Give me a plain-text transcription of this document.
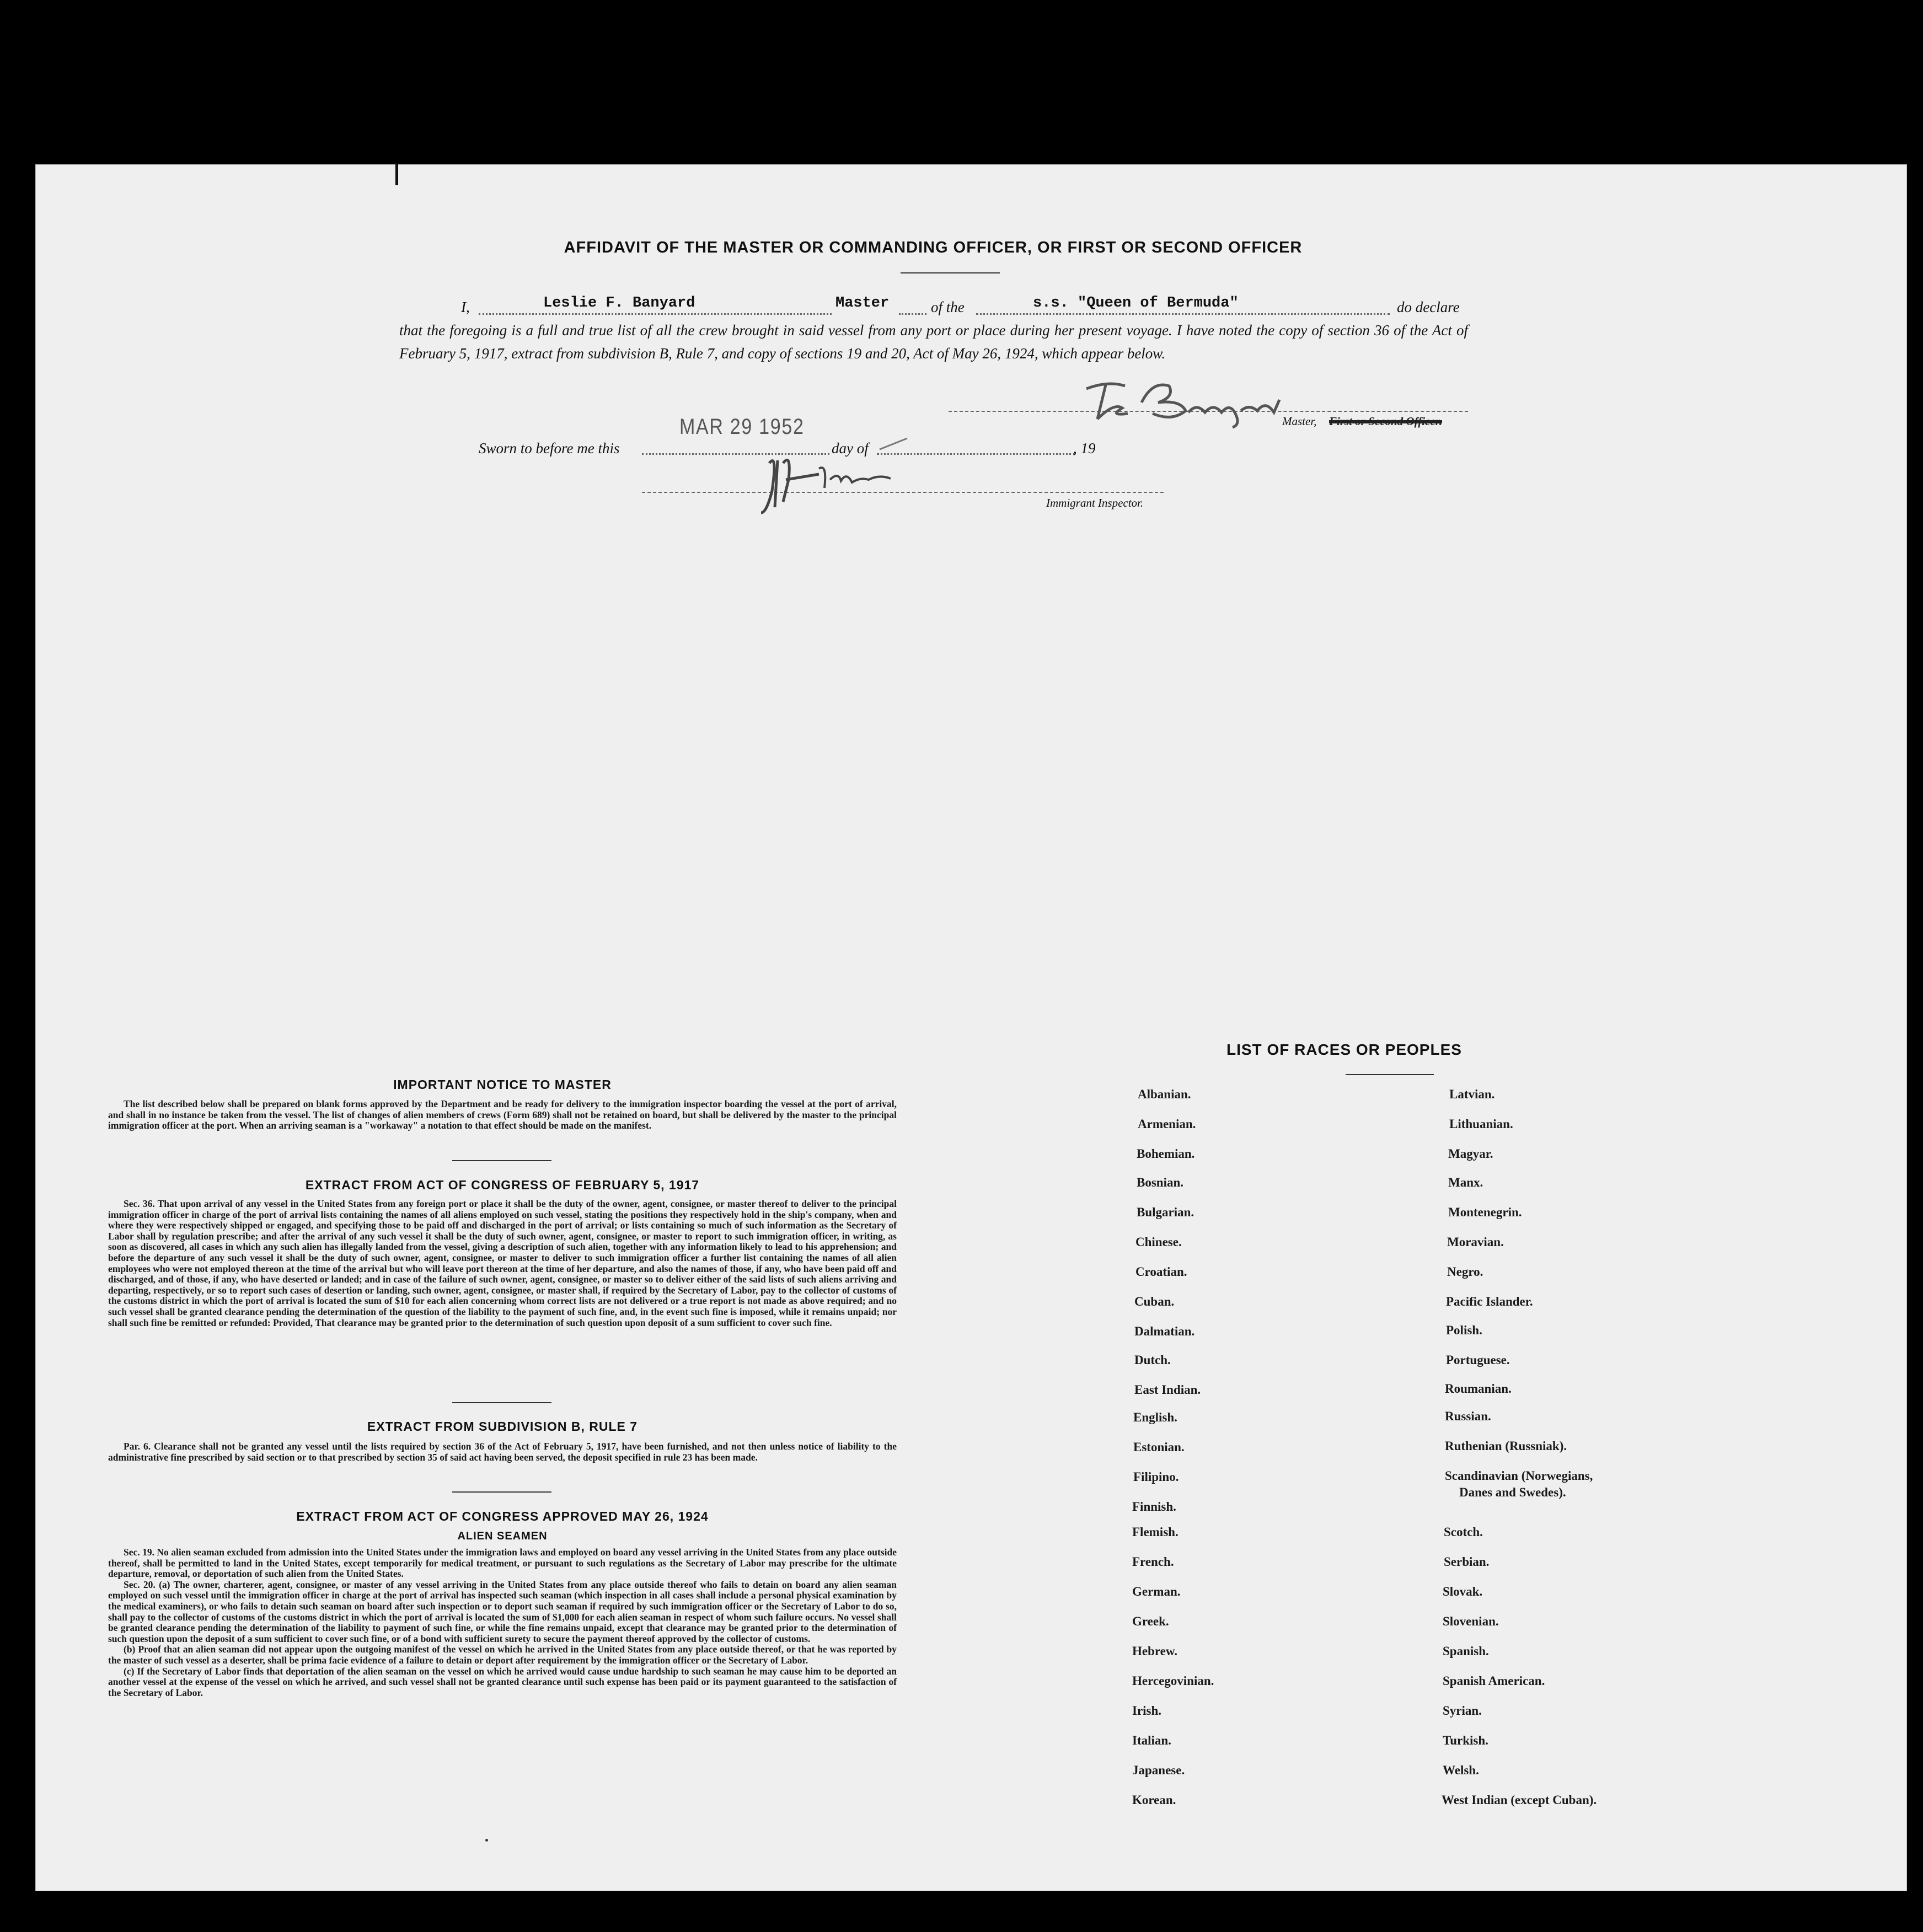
AFFIDAVIT OF THE MASTER OR COMMANDING OFFICER, OR FIRST OR SECOND OFFICER
I,	Leslie F. Banyard	Master	of the	s.s. "Queen of Bermuda"	do declare
that the foregoing is a full and true list of all the crew brought in said vessel from any port or place during her present voyage. I have noted the copy of section 36 of the Act of February 5, 1917, extract from subdivision B, Rule 7, and copy of sections 19 and 20, Act of May 26, 1924, which appear below.
Master, First or Second Officer.
Sworn to before me this
MAR 29 1952
day of	, 19
Immigrant Inspector.
IMPORTANT NOTICE TO MASTER

The list described below shall be prepared on blank forms approved by the Department and be ready for delivery to the immigration inspector boarding the vessel at the port of arrival, and shall in no instance be taken from the vessel. The list of changes of alien members of crews (Form 689) shall not be retained on board, but shall be delivered by the master to the principal immigration officer at the port. When an arriving seaman is a "workaway" a notation to that effect should be made on the manifest.

EXTRACT FROM ACT OF CONGRESS OF FEBRUARY 5, 1917

Sec. 36. That upon arrival of any vessel in the United States from any foreign port or place it shall be the duty of the owner, agent, consignee, or master thereof to deliver to the principal immigration officer in charge of the port of arrival lists containing the names of all aliens employed on such vessel, stating the positions they respectively hold in the ship's company, when and where they were respectively shipped or engaged, and specifying those to be paid off and discharged in the port of arrival; or lists containing so much of such information as the Secretary of Labor shall by regulation prescribe; and after the arrival of any such vessel it shall be the duty of such owner, agent, consignee, or master to report to such immigration officer, in writing, as soon as discovered, all cases in which any such alien has illegally landed from the vessel, giving a description of such alien, together with any information likely to lead to his apprehension; and before the departure of any such vessel it shall be the duty of such owner, agent, consignee, or master to deliver to such immigration officer a further list containing the names of all alien employees who were not employed thereon at the time of the arrival but who will leave port thereon at the time of her departure, and also the names of those, if any, who have been paid off and discharged, and of those, if any, who have deserted or landed; and in case of the failure of such owner, agent, consignee, or master so to deliver either of the said lists of such aliens arriving and departing, respectively, or so to report such cases of desertion or landing, such owner, agent, consignee, or master shall, if required by the Secretary of Labor, pay to the collector of customs of the customs district in which the port of arrival is located the sum of $10 for each alien concerning whom correct lists are not delivered or a true report is not made as above required; and no such vessel shall be granted clearance pending the determination of the question of the liability to the payment of such fine, and, in the event such fine is imposed, while it remains unpaid; nor shall such fine be remitted or refunded: Provided, That clearance may be granted prior to the determination of such question upon deposit of a sum sufficient to cover such fine.

EXTRACT FROM SUBDIVISION B, RULE 7

Par. 6. Clearance shall not be granted any vessel until the lists required by section 36 of the Act of February 5, 1917, have been furnished, and not then unless notice of liability to the administrative fine prescribed by said section or to that prescribed by section 35 of said act having been served, the deposit specified in rule 23 has been made.

EXTRACT FROM ACT OF CONGRESS APPROVED MAY 26, 1924
ALIEN SEAMEN

Sec. 19. No alien seaman excluded from admission into the United States under the immigration laws and employed on board any vessel arriving in the United States from any place outside thereof, shall be permitted to land in the United States, except temporarily for medical treatment, or pursuant to such regulations as the Secretary of Labor may prescribe for the ultimate departure, removal, or deportation of such alien from the United States.

Sec. 20. (a) The owner, charterer, agent, consignee, or master of any vessel arriving in the United States from any place outside thereof who fails to detain on board any alien seaman employed on such vessel until the immigration officer in charge at the port of arrival has inspected such seaman (which inspection in all cases shall include a personal physical examination by the medical examiners), or who fails to detain such seaman on board after such inspection or to deport such seaman if required by such immigration officer or the Secretary of Labor to do so, shall pay to the collector of customs of the customs district in which the port of arrival is located the sum of $1,000 for each alien seaman in respect of whom such failure occurs. No vessel shall be granted clearance pending the determination of the liability to payment of such fine, or while the fine remains unpaid, except that clearance may be granted prior to the determination of such question upon the deposit of a sum sufficient to cover such fine, or of a bond with sufficient surety to secure the payment thereof approved by the collector of customs.

(b) Proof that an alien seaman did not appear upon the outgoing manifest of the vessel on which he arrived in the United States from any place outside thereof, or that he was reported by the master of such vessel as a deserter, shall be prima facie evidence of a failure to detain or deport after requirement by the immigration officer or the Secretary of Labor.

(c) If the Secretary of Labor finds that deportation of the alien seaman on the vessel on which he arrived would cause undue hardship to such seaman he may cause him to be deported an another vessel at the expense of the vessel on which he arrived, and such vessel shall not be granted clearance until such expense has been paid or its payment guaranteed to the satisfaction of the Secretary of Labor.

LIST OF RACES OR PEOPLES
Albanian.
Armenian.
Bohemian.
Bosnian.
Bulgarian.
Chinese.
Croatian.
Cuban.
Dalmatian.
Dutch.
East Indian.
English.
Estonian.
Filipino.
Finnish.
Flemish.
French.
German.
Greek.
Hebrew.
Hercegovinian.
Irish.
Italian.
Japanese.
Korean.
Latvian.
Lithuanian.
Magyar.
Manx.
Montenegrin.
Moravian.
Negro.
Pacific Islander.
Polish.
Portuguese.
Roumanian.
Russian.
Ruthenian (Russniak).
Scandinavian (Norwegians,
Danes and Swedes).
Scotch.
Serbian.
Slovak.
Slovenian.
Spanish.
Spanish American.
Syrian.
Turkish.
Welsh.
West Indian (except Cuban).
